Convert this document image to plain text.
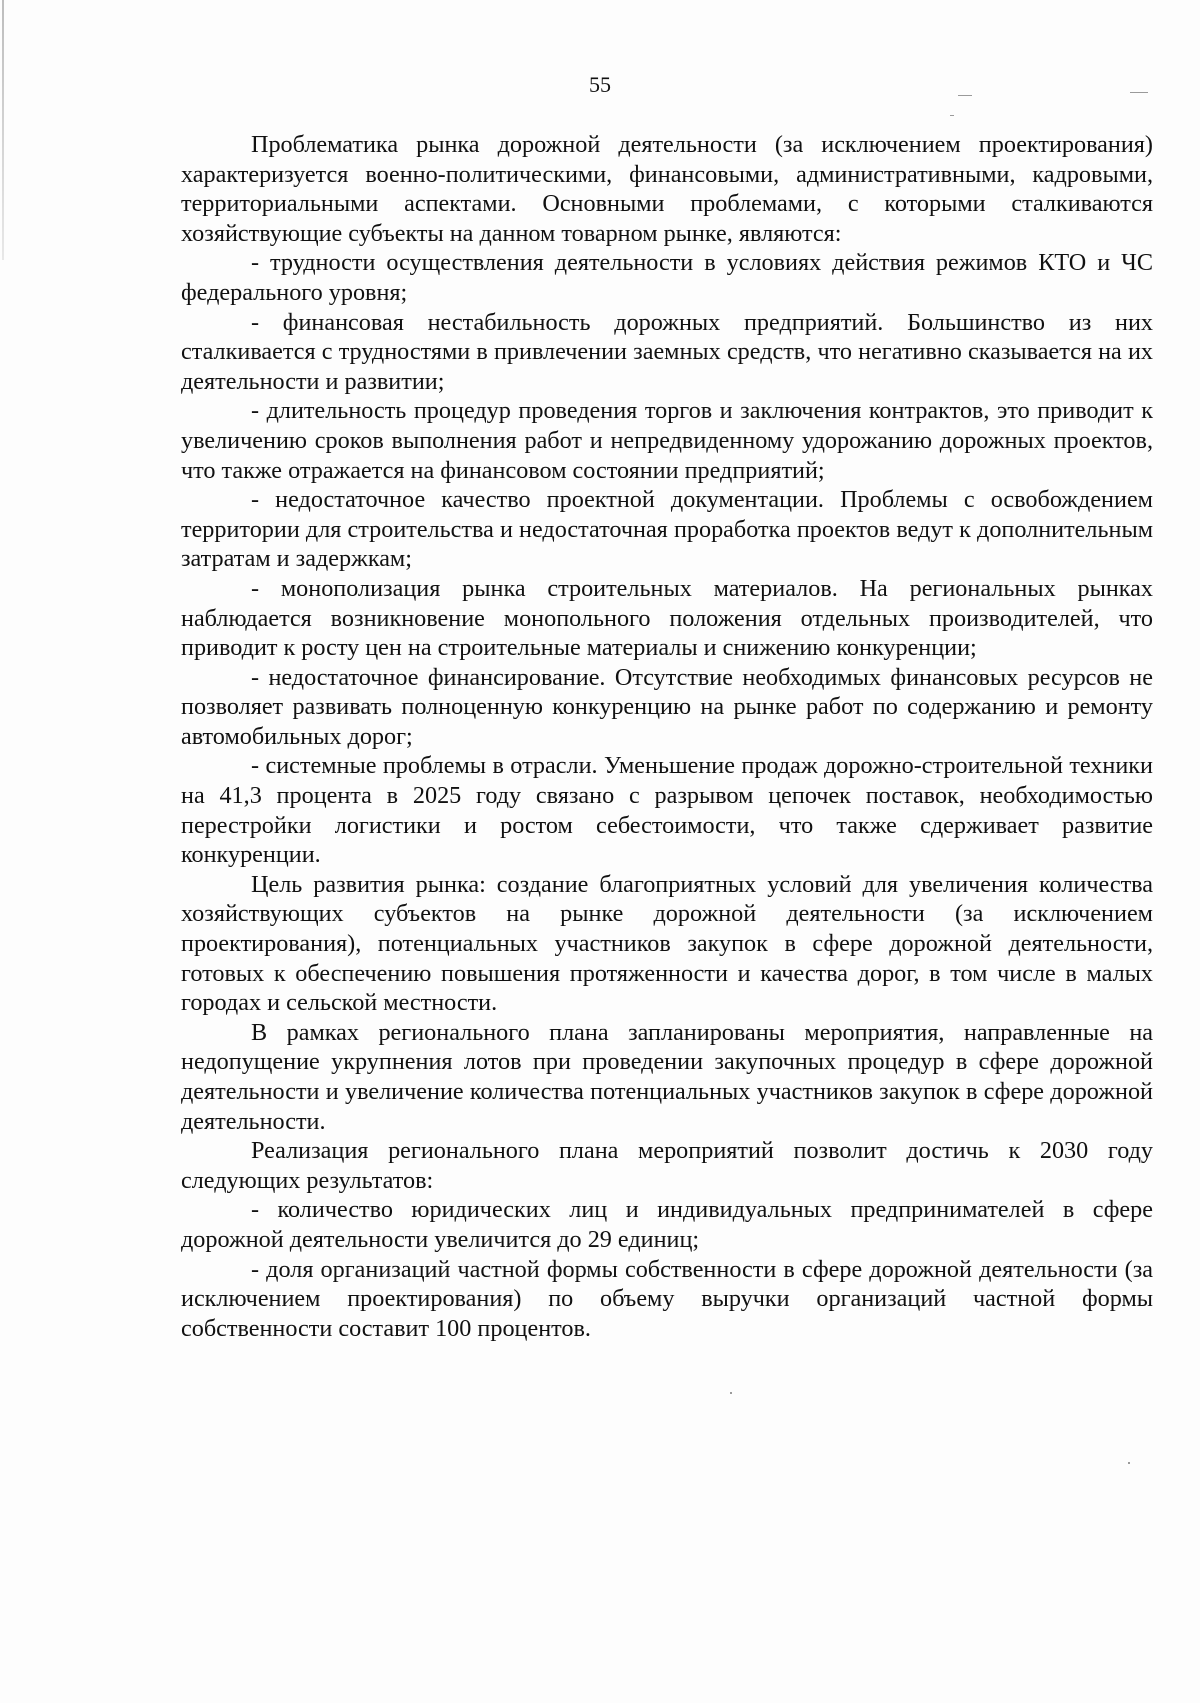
55

Проблематика рынка дорожной деятельности (за исключением проектирования) характеризуется военно-политическими, финансовыми, административными, кадровыми, территориальными аспектами. Основными проблемами, с которыми сталкиваются хозяйствующие субъекты на данном товарном рынке, являются:

- трудности осуществления деятельности в условиях действия режимов КТО и ЧС федерального уровня;

- финансовая нестабильность дорожных предприятий. Большинство из них сталкивается с трудностями в привлечении заемных средств, что негативно сказывается на их деятельности и развитии;

- длительность процедур проведения торгов и заключения контрактов, это приводит к увеличению сроков выполнения работ и непредвиденному удорожанию дорожных проектов, что также отражается на финансовом состоянии предприятий;

- недостаточное качество проектной документации. Проблемы с освобождением территории для строительства и недостаточная проработка проектов ведут к дополнительным затратам и задержкам;

- монополизация рынка строительных материалов. На региональных рынках наблюдается возникновение монопольного положения отдельных производителей, что приводит к росту цен на строительные материалы и снижению конкуренции;

- недостаточное финансирование. Отсутствие необходимых финансовых ресурсов не позволяет развивать полноценную конкуренцию на рынке работ по содержанию и ремонту автомобильных дорог;

- системные проблемы в отрасли. Уменьшение продаж дорожно-строительной техники на 41,3 процента в 2025 году связано с разрывом цепочек поставок, необходимостью перестройки логистики и ростом себестоимости, что также сдерживает развитие конкуренции.

Цель развития рынка: создание благоприятных условий для увеличения количества хозяйствующих субъектов на рынке дорожной деятельности (за исключением проектирования), потенциальных участников закупок в сфере дорожной деятельности, готовых к обеспечению повышения протяженности и качества дорог, в том числе в малых городах и сельской местности.

В рамках регионального плана запланированы мероприятия, направленные на недопущение укрупнения лотов при проведении закупочных процедур в сфере дорожной деятельности и увеличение количества потенциальных участников закупок в сфере дорожной деятельности.

Реализация регионального плана мероприятий позволит достичь к 2030 году следующих результатов:

- количество юридических лиц и индивидуальных предпринимателей в сфере дорожной деятельности увеличится до 29 единиц;

- доля организаций частной формы собственности в сфере дорожной деятельности (за исключением проектирования) по объему выручки организаций частной формы собственности составит 100 процентов.
